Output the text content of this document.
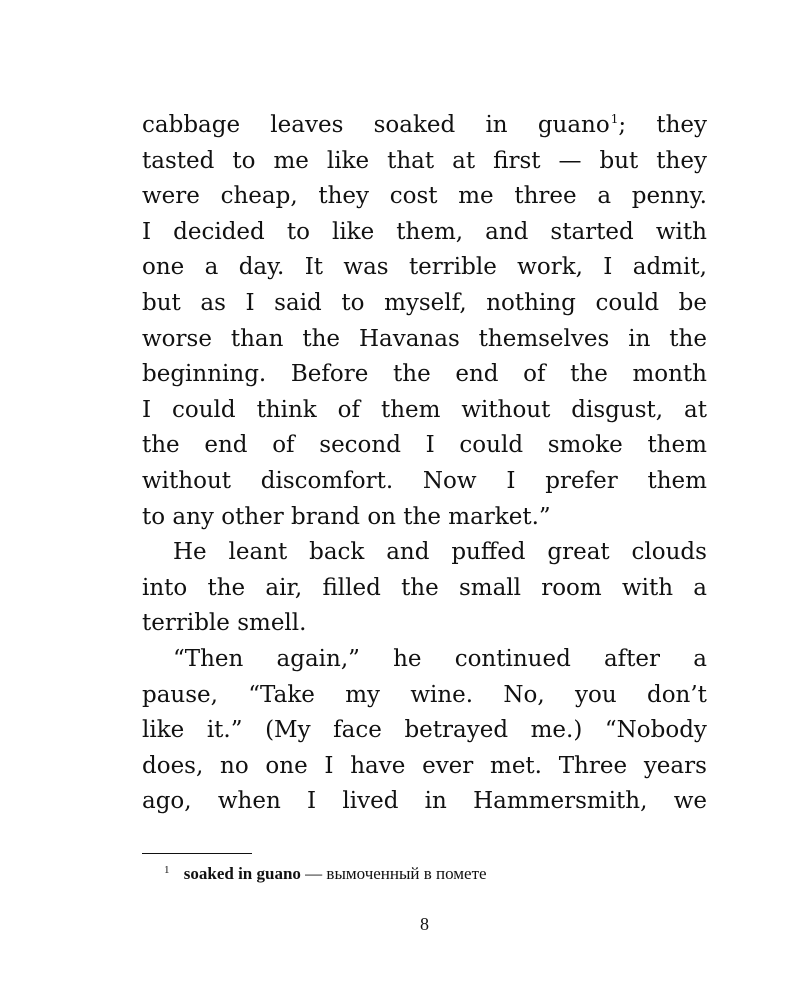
cabbage leaves soaked in guano$^1$; they
tasted to me like that at first — but they
were cheap, they cost me three a penny.
I decided to like them, and started with
one a day. It was terrible work, I admit,
but as I said to myself, nothing could be
worse than the Havanas themselves in the
beginning. Before the end of the month
I could think of them without disgust, at
the end of second I could smoke them
without discomfort. Now I prefer them
to any other brand on the market.”
He leant back and puffed great clouds
into the air, filled the small room with a
terrible smell.
“Then again,” he continued after a
pause, “Take my wine. No, you don’t
like it.” (My face betrayed me.) “Nobody
does, no one I have ever met. Three years
ago, when I lived in Hammersmith, we
$^1$ soaked in guano — вымоченный в помете
8
